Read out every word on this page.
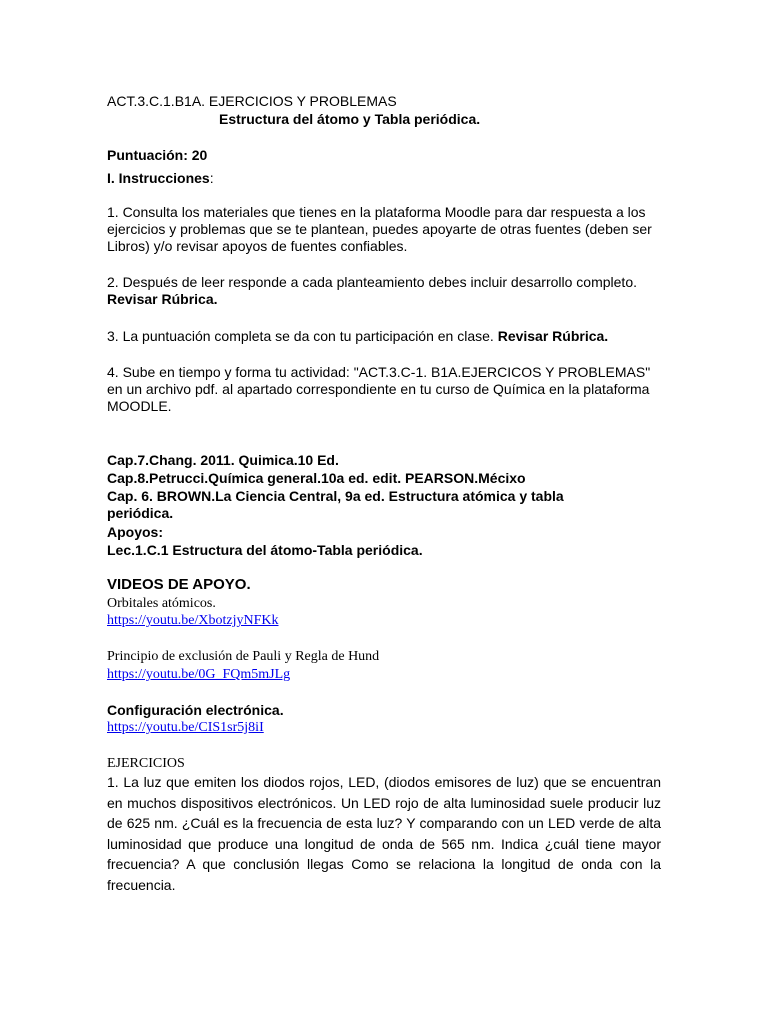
ACT.3.C.1.B1A. EJERCICIOS Y PROBLEMAS
Estructura del átomo y Tabla periódica.
Puntuación: 20
I. Instrucciones:
1. Consulta los materiales que tienes en la plataforma Moodle para dar respuesta a los ejercicios y problemas que se te plantean, puedes apoyarte de otras fuentes (deben ser Libros) y/o revisar apoyos de fuentes confiables.
2. Después de leer responde a cada planteamiento debes incluir desarrollo completo. Revisar Rúbrica.
3. La puntuación completa se da con tu participación en clase. Revisar Rúbrica.
4. Sube en tiempo y forma tu actividad: "ACT.3.C-1. B1A.EJERCICOS Y PROBLEMAS" en un archivo pdf. al apartado correspondiente en tu curso de Química en la plataforma MOODLE.
Cap.7.Chang. 2011. Quimica.10 Ed.
Cap.8.Petrucci.Química general.10a ed. edit. PEARSON.Mécixo
Cap. 6. BROWN.La Ciencia Central, 9a ed. Estructura atómica y tabla periódica.
Apoyos:
Lec.1.C.1 Estructura del átomo-Tabla periódica.
VIDEOS DE APOYO.
Orbitales atómicos.
https://youtu.be/XbotzjyNFKk
Principio de exclusión de Pauli y Regla de Hund
https://youtu.be/0G_FQm5mJLg
Configuración electrónica.
https://youtu.be/CIS1sr5j8iI
EJERCICIOS
1. La luz que emiten los diodos rojos, LED, (diodos emisores de luz) que se encuentran en muchos dispositivos electrónicos. Un LED rojo de alta luminosidad suele producir luz de 625 nm. ¿Cuál es la frecuencia de esta luz? Y comparando con un LED verde de alta luminosidad que produce una longitud de onda de 565 nm. Indica ¿cuál tiene mayor frecuencia? A que conclusión llegas Como se relaciona la longitud de onda con la frecuencia.
